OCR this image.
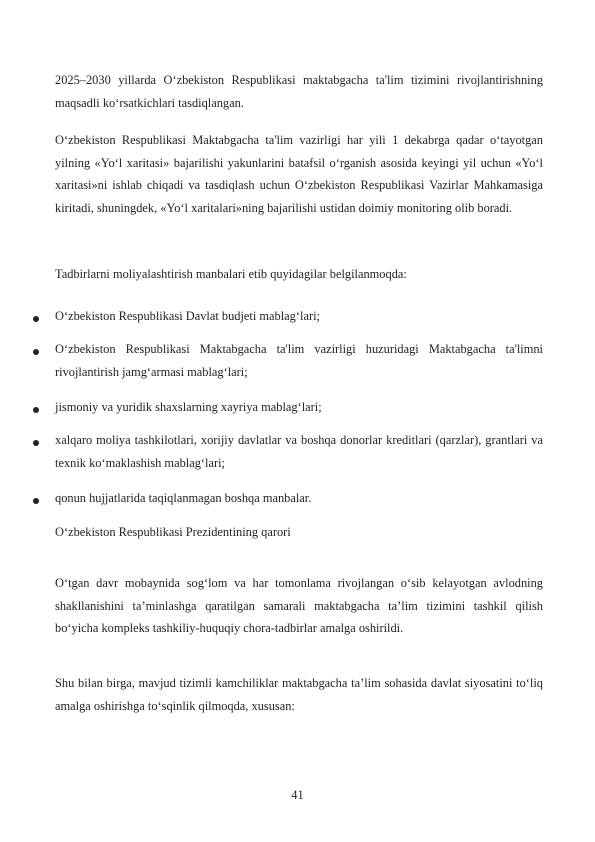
2025–2030 yillarda O‘zbekiston Respublikasi maktabgacha ta'lim tizimini rivojlantirishning maqsadli ko‘rsatkichlari tasdiqlangan.

O‘zbekiston Respublikasi Maktabgacha ta'lim vazirligi har yili 1 dekabrga qadar o‘tayotgan yilning «Yo‘l xaritasi» bajarilishi yakunlarini batafsil o‘rganish asosida keyingi yil uchun «Yo‘l xaritasi»ni ishlab chiqadi va tasdiqlash uchun O‘zbekiston Respublikasi Vazirlar Mahkamasiga kiritadi, shuningdek, «Yo‘l xaritalari»ning bajarilishi ustidan doimiy monitoring olib boradi.

Tadbirlarni moliyalashtirish manbalari etib quyidagilar belgilanmoqda:

O‘zbekiston Respublikasi Davlat budjeti mablag‘lari;

O‘zbekiston Respublikasi Maktabgacha ta'lim vazirligi huzuridagi Maktabgacha ta'limni rivojlantirish jamg‘armasi mablag‘lari;

jismoniy va yuridik shaxslarning xayriya mablag‘lari;

xalqaro moliya tashkilotlari, xorijiy davlatlar va boshqa donorlar kreditlari (qarzlar), grantlari va texnik ko‘maklashish mablag‘lari;

qonun hujjatlarida taqiqlanmagan boshqa manbalar.

O‘zbekiston Respublikasi Prezidentining qarori

O‘tgan davr mobaynida sog‘lom va har tomonlama rivojlangan o‘sib kelayotgan avlodning shakllanishini ta’minlashga qaratilgan samarali maktabgacha ta’lim tizimini tashkil qilish bo‘yicha kompleks tashkiliy-huquqiy chora-tadbirlar amalga oshirildi.

Shu bilan birga, mavjud tizimli kamchiliklar maktabgacha ta’lim sohasida davlat siyosatini to‘liq amalga oshirishga to‘sqinlik qilmoqda, xususan:

41
